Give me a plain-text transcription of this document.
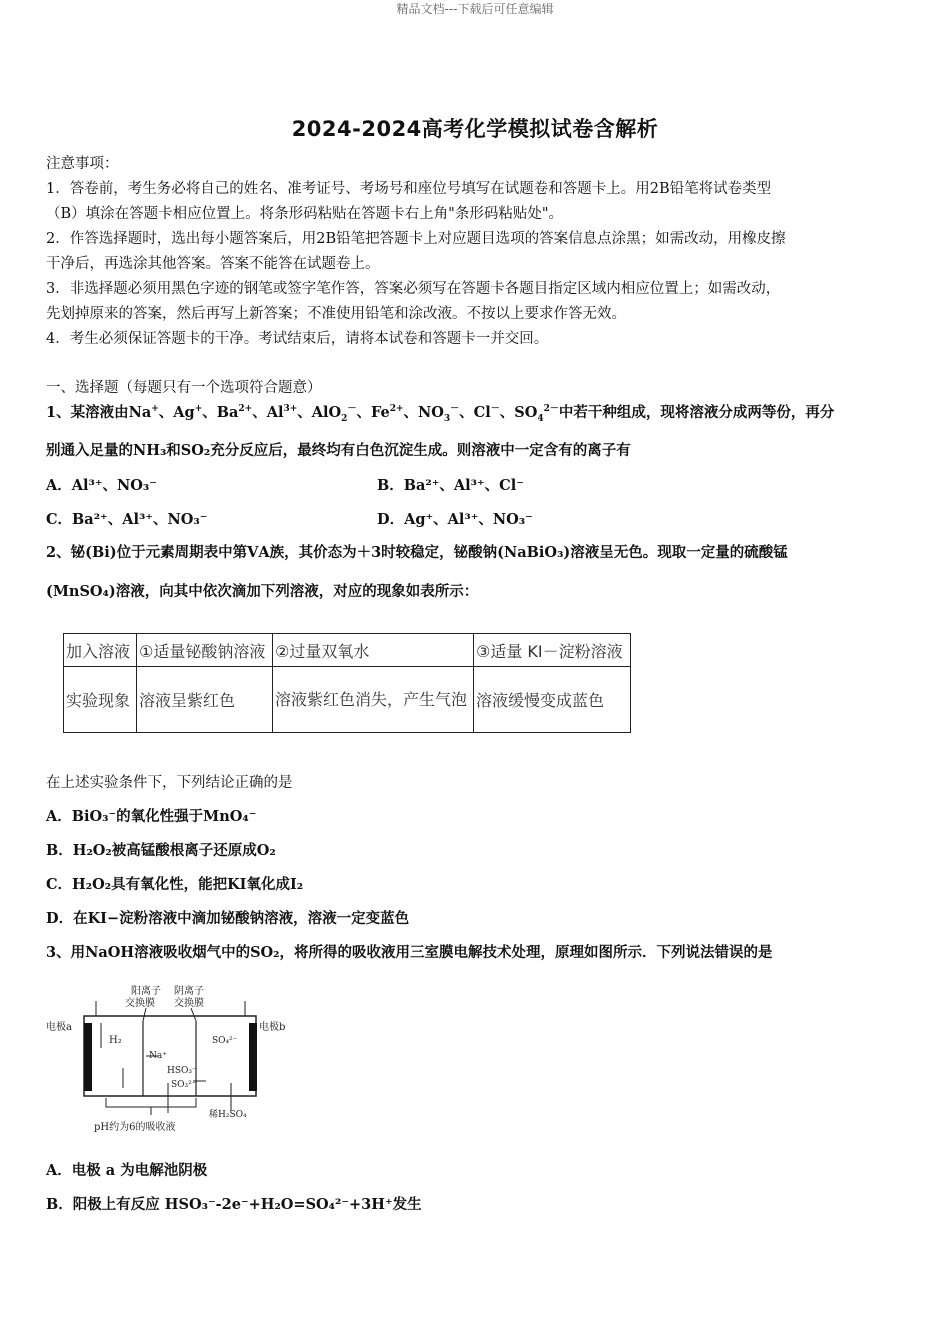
精品文档---下载后可任意编辑
2024-2024高考化学模拟试卷含解析
注意事项：
1．答卷前，考生务必将自己的姓名、准考证号、考场号和座位号填写在试题卷和答题卡上。用2B铅笔将试卷类型
（B）填涂在答题卡相应位置上。将条形码粘贴在答题卡右上角"条形码粘贴处"。
2．作答选择题时，选出每小题答案后，用2B铅笔把答题卡上对应题目选项的答案信息点涂黑；如需改动，用橡皮擦
干净后，再选涂其他答案。答案不能答在试题卷上。
3．非选择题必须用黑色字迹的钢笔或签字笔作答，答案必须写在答题卡各题目指定区域内相应位置上；如需改动，
先划掉原来的答案，然后再写上新答案；不准使用铅笔和涂改液。不按以上要求作答无效。
4．考生必须保证答题卡的干净。考试结束后，请将本试卷和答题卡一并交回。
一、选择题（每题只有一个选项符合题意）
1、某溶液由Na+、Ag+、$Ba^{2+}$、$Al^{3+}$、AlO$_2$－、$Fe^{2+}$、$NO_3^-$、Cl－、$SO_4^{2-}$中若干种组成，现将溶液分成两等份，再分
别通入足量的NH₃和SO₂充分反应后，最终均有白色沉淀生成。则溶液中一定含有的离子有
A．Al³⁺、NO₃⁻	B．Ba²⁺、Al³⁺、Cl⁻
C．Ba²⁺、Al³⁺、NO₃⁻	D．Ag⁺、Al³⁺、NO₃⁻
2、铋(Bi)位于元素周期表中第ⅤA族，其价态为＋3时较稳定，铋酸钠(NaBiO₃)溶液呈无色。现取一定量的硫酸锰
(MnSO₄)溶液，向其中依次滴加下列溶液，对应的现象如表所示：
加入溶液	①适量铋酸钠溶液	②过量双氧水	③适量 KI－淀粉溶液
实验现象	溶液呈紫红色	溶液紫红色消失，产生气泡	溶液缓慢变成蓝色
在上述实验条件下，下列结论正确的是
A．BiO₃⁻的氧化性强于MnO₄⁻
B．H₂O₂被高锰酸根离子还原成O₂
C．H₂O₂具有氧化性，能把KI氧化成I₂
D．在KI−淀粉溶液中滴加铋酸钠溶液，溶液一定变蓝色
3、用NaOH溶液吸收烟气中的SO₂，将所得的吸收液用三室膜电解技术处理，原理如图所示．下列说法错误的是
阳离子
交换膜
阴离子
交换膜
电极a	电极b
H₂
Na⁺
HSO₃⁻
SO₃²⁻
SO₄²⁻
稀H₂SO₄
pH约为6的吸收液
A．电极 a 为电解池阴极
B．阳极上有反应 HSO₃⁻-2e⁻+H₂O=SO₄²⁻+3H⁺发生
